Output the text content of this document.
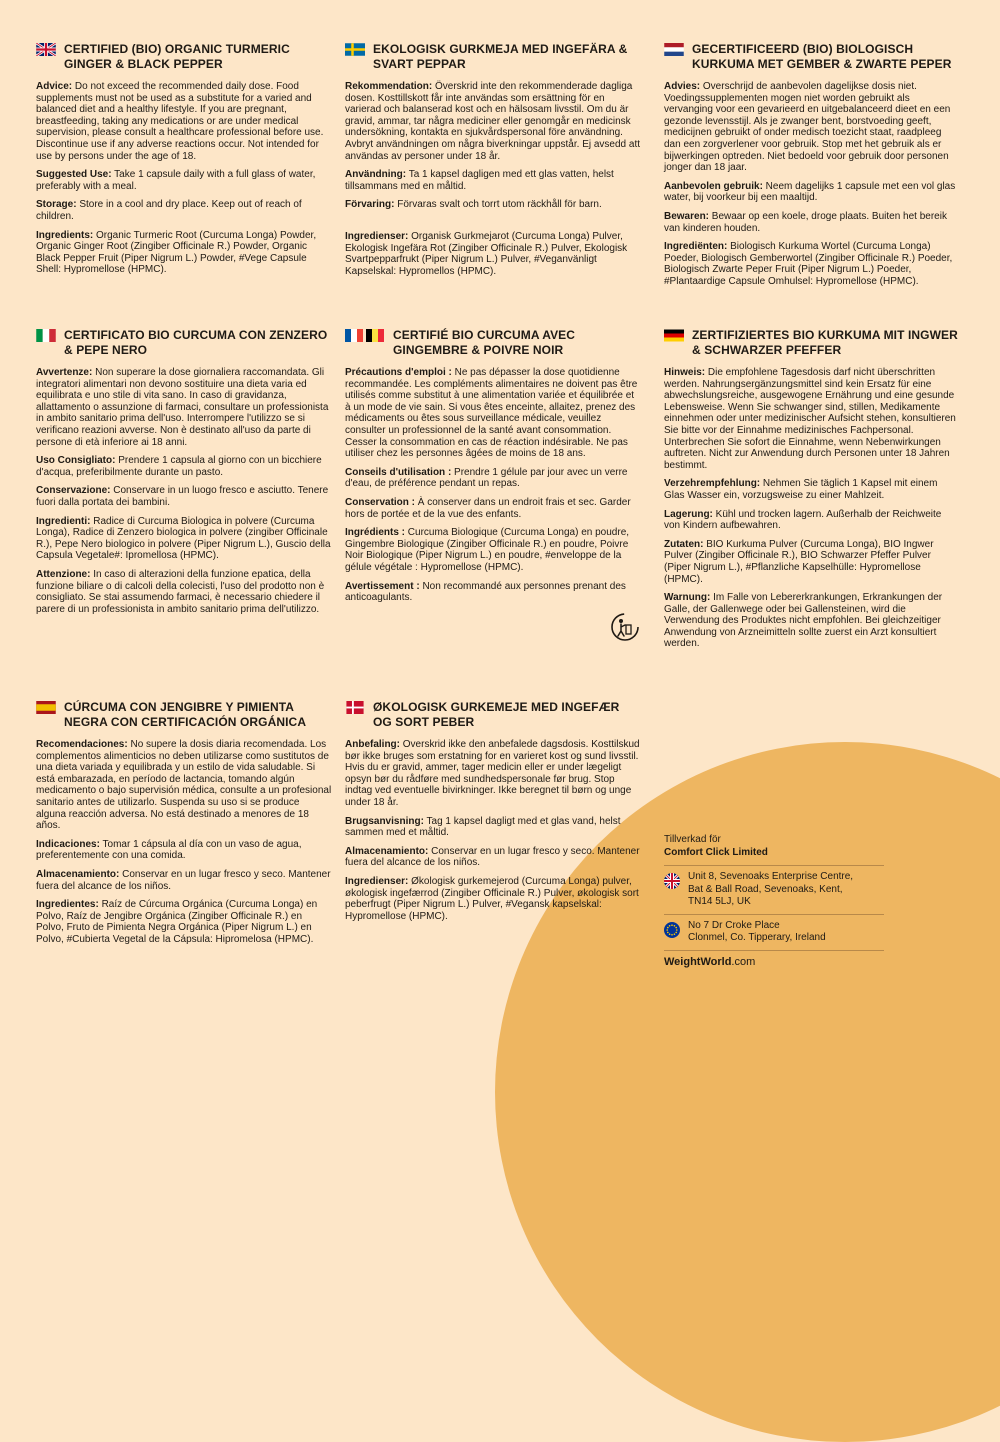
CERTIFIED (BIO) ORGANIC TURMERIC GINGER & BLACK PEPPER

Advice: Do not exceed the recommended daily dose. Food supplements must not be used as a substitute for a varied and balanced diet and a healthy lifestyle. If you are pregnant, breastfeeding, taking any medications or are under medical supervision, please consult a healthcare professional before use. Discontinue use if any adverse reactions occur. Not intended for use by persons under the age of 18.

Suggested Use: Take 1 capsule daily with a full glass of water, preferably with a meal.

Storage: Store in a cool and dry place. Keep out of reach of children.

Ingredients: Organic Turmeric Root (Curcuma Longa) Powder, Organic Ginger Root (Zingiber Officinale R.) Powder, Organic Black Pepper Fruit (Piper Nigrum L.) Powder, #Vege Capsule Shell: Hypromellose (HPMC).

EKOLOGISK GURKMEJA MED INGEFÄRA & SVART PEPPAR

Rekommendation: Överskrid inte den rekommenderade dagliga dosen. Kosttillskott får inte användas som ersättning för en varierad och balanserad kost och en hälsosam livsstil. Om du är gravid, ammar, tar några mediciner eller genomgår en medicinsk undersökning, kontakta en sjukvårdspersonal före användning. Avbryt användningen om några biverkningar uppstår. Ej avsedd att användas av personer under 18 år.

Användning: Ta 1 kapsel dagligen med ett glas vatten, helst tillsammans med en måltid.

Förvaring: Förvaras svalt och torrt utom räckhåll för barn.

Ingredienser: Organisk Gurkmejarot (Curcuma Longa) Pulver, Ekologisk Ingefära Rot (Zingiber Officinale R.) Pulver, Ekologisk Svartpepparfrukt (Piper Nigrum L.) Pulver, #Veganvänligt Kapselskal: Hypromellos (HPMC).

GECERTIFICEERD (BIO) BIOLOGISCH KURKUMA MET GEMBER & ZWARTE PEPER

Advies: Overschrijd de aanbevolen dagelijkse dosis niet. Voedingssupplementen mogen niet worden gebruikt als vervanging voor een gevarieerd en uitgebalanceerd dieet en een gezonde levensstijl. Als je zwanger bent, borstvoeding geeft, medicijnen gebruikt of onder medisch toezicht staat, raadpleeg dan een zorgverlener voor gebruik. Stop met het gebruik als er bijwerkingen optreden. Niet bedoeld voor gebruik door personen jonger dan 18 jaar.

Aanbevolen gebruik: Neem dagelijks 1 capsule met een vol glas water, bij voorkeur bij een maaltijd.

Bewaren: Bewaar op een koele, droge plaats. Buiten het bereik van kinderen houden.

Ingrediënten: Biologisch Kurkuma Wortel (Curcuma Longa) Poeder, Biologisch Gemberwortel (Zingiber Officinale R.) Poeder, Biologisch Zwarte Peper Fruit (Piper Nigrum L.) Poeder, #Plantaardige Capsule Omhulsel: Hypromellose (HPMC).

CERTIFICATO BIO CURCUMA CON ZENZERO & PEPE NERO

Avvertenze: Non superare la dose giornaliera raccomandata. Gli integratori alimentari non devono sostituire una dieta varia ed equilibrata e uno stile di vita sano. In caso di gravidanza, allattamento o assunzione di farmaci, consultare un professionista in ambito sanitario prima dell'uso. Interrompere l'utilizzo se si verificano reazioni avverse. Non è destinato all'uso da parte di persone di età inferiore ai 18 anni.

Uso Consigliato: Prendere 1 capsula al giorno con un bicchiere d'acqua, preferibilmente durante un pasto.

Conservazione: Conservare in un luogo fresco e asciutto. Tenere fuori dalla portata dei bambini.

Ingredienti: Radice di Curcuma Biologica in polvere (Curcuma Longa), Radice di Zenzero biologica in polvere (zingiber Officinale R.), Pepe Nero biologico in polvere (Piper Nigrum L.), Guscio della Capsula Vegetale#: Ipromellosa (HPMC).

Attenzione: In caso di alterazioni della funzione epatica, della funzione biliare o di calcoli della colecisti, l'uso del prodotto non è consigliato. Se stai assumendo farmaci, è necessario chiedere il parere di un professionista in ambito sanitario prima dell'utilizzo.

CERTIFIÉ BIO CURCUMA AVEC GINGEMBRE & POIVRE NOIR

Précautions d'emploi : Ne pas dépasser la dose quotidienne recommandée. Les compléments alimentaires ne doivent pas être utilisés comme substitut à une alimentation variée et équilibrée et à un mode de vie sain. Si vous êtes enceinte, allaitez, prenez des médicaments ou êtes sous surveillance médicale, veuillez consulter un professionnel de la santé avant consommation. Cesser la consommation en cas de réaction indésirable. Ne pas utiliser chez les personnes âgées de moins de 18 ans.

Conseils d'utilisation : Prendre 1 gélule par jour avec un verre d'eau, de préférence pendant un repas.

Conservation : À conserver dans un endroit frais et sec. Garder hors de portée et de la vue des enfants.

Ingrédients : Curcuma Biologique (Curcuma Longa) en poudre, Gingembre Biologique (Zingiber Officinale R.) en poudre, Poivre Noir Biologique (Piper Nigrum L.) en poudre, #enveloppe de la gélule végétale : Hypromellose (HPMC).

Avertissement : Non recommandé aux personnes prenant des anticoagulants.

ZERTIFIZIERTES BIO KURKUMA MIT INGWER & SCHWARZER PFEFFER

Hinweis: Die empfohlene Tagesdosis darf nicht überschritten werden. Nahrungsergänzungsmittel sind kein Ersatz für eine abwechslungsreiche, ausgewogene Ernährung und eine gesunde Lebensweise. Wenn Sie schwanger sind, stillen, Medikamente einnehmen oder unter medizinischer Aufsicht stehen, konsultieren Sie bitte vor der Einnahme medizinisches Fachpersonal. Unterbrechen Sie sofort die Einnahme, wenn Nebenwirkungen auftreten. Nicht zur Anwendung durch Personen unter 18 Jahren bestimmt.

Verzehrempfehlung: Nehmen Sie täglich 1 Kapsel mit einem Glas Wasser ein, vorzugsweise zu einer Mahlzeit.

Lagerung: Kühl und trocken lagern. Außerhalb der Reichweite von Kindern aufbewahren.

Zutaten: BIO Kurkuma Pulver (Curcuma Longa), BIO Ingwer Pulver (Zingiber Officinale R.), BIO Schwarzer Pfeffer Pulver (Piper Nigrum L.), #Pflanzliche Kapselhülle: Hypromellose (HPMC).

Warnung: Im Falle von Lebererkrankungen, Erkrankungen der Galle, der Gallenwege oder bei Gallensteinen, wird die Verwendung des Produktes nicht empfohlen. Bei gleichzeitiger Anwendung von Arzneimitteln sollte zuerst ein Arzt konsultiert werden.

CÚRCUMA CON JENGIBRE Y PIMIENTA NEGRA CON CERTIFICACIÓN ORGÁNICA

Recomendaciones: No supere la dosis diaria recomendada. Los complementos alimenticios no deben utilizarse como sustitutos de una dieta variada y equilibrada y un estilo de vida saludable. Si está embarazada, en período de lactancia, tomando algún medicamento o bajo supervisión médica, consulte a un profesional sanitario antes de utilizarlo. Suspenda su uso si se produce alguna reacción adversa. No está destinado a menores de 18 años.

Indicaciones: Tomar 1 cápsula al día con un vaso de agua, preferentemente con una comida.

Almacenamiento: Conservar en un lugar fresco y seco. Mantener fuera del alcance de los niños.

Ingredientes: Raíz de Cúrcuma Orgánica (Curcuma Longa) en Polvo, Raíz de Jengibre Orgánica (Zingiber Officinale R.) en Polvo, Fruto de Pimienta Negra Orgánica (Piper Nigrum L.) en Polvo, #Cubierta Vegetal de la Cápsula: Hipromelosa (HPMC).

ØKOLOGISK GURKEMEJE MED INGEFÆR OG SORT PEBER

Anbefaling: Overskrid ikke den anbefalede dagsdosis. Kosttilskud bør ikke bruges som erstatning for en varieret kost og sund livsstil. Hvis du er gravid, ammer, tager medicin eller er under lægeligt opsyn bør du rådføre med sundhedspersonale før brug. Stop indtag ved eventuelle bivirkninger. Ikke beregnet til børn og unge under 18 år.

Brugsanvisning: Tag 1 kapsel dagligt med et glas vand, helst sammen med et måltid.

Almacenamiento: Conservar en un lugar fresco y seco. Mantener fuera del alcance de los niños.

Ingredienser: Økologisk gurkemejerod (Curcuma Longa) pulver, økologisk ingefærrod (Zingiber Officinale R.) Pulver, økologisk sort peberfrugt (Piper Nigrum L.) Pulver, #Vegansk kapselskal: Hypromellose (HPMC).

Tillverkad för

Comfort Click Limited

Unit 8, Sevenoaks Enterprise Centre,
Bat & Ball Road, Sevenoaks, Kent,
TN14 5LJ, UK
No 7 Dr Croke Place
Clonmel, Co. Tipperary, Ireland
WeightWorld.com
